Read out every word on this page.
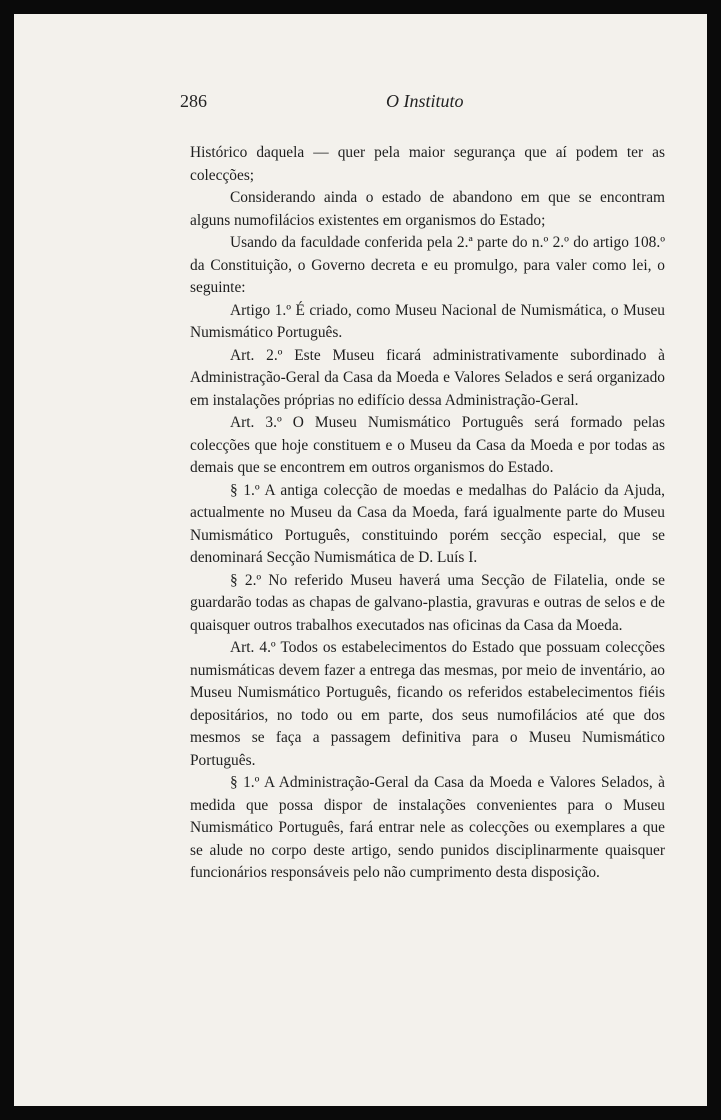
286	O Instituto

Histórico daquela — quer pela maior segurança que aí podem ter as colecções;

Considerando ainda o estado de abandono em que se encontram alguns numofilácios existentes em organismos do Estado;

Usando da faculdade conferida pela 2.ª parte do n.º 2.º do artigo 108.º da Constituição, o Governo decreta e eu promulgo, para valer como lei, o seguinte:

Artigo 1.º É criado, como Museu Nacional de Numismática, o Museu Numismático Português.

Art. 2.º Este Museu ficará administrativamente subordinado à Administração-Geral da Casa da Moeda e Valores Selados e será organizado em instalações próprias no edifício dessa Administração-Geral.

Art. 3.º O Museu Numismático Português será formado pelas colecções que hoje constituem e o Museu da Casa da Moeda e por todas as demais que se encontrem em outros organismos do Estado.

§ 1.º A antiga colecção de moedas e medalhas do Palácio da Ajuda, actualmente no Museu da Casa da Moeda, fará igualmente parte do Museu Numismático Português, constituindo porém secção especial, que se denominará Secção Numismática de D. Luís I.

§ 2.º No referido Museu haverá uma Secção de Filatelia, onde se guardarão todas as chapas de galvano-plastia, gravuras e outras de selos e de quaisquer outros trabalhos executados nas oficinas da Casa da Moeda.

Art. 4.º Todos os estabelecimentos do Estado que possuam colecções numismáticas devem fazer a entrega das mesmas, por meio de inventário, ao Museu Numismático Português, ficando os referidos estabelecimentos fiéis depositários, no todo ou em parte, dos seus numofilácios até que dos mesmos se faça a passagem definitiva para o Museu Numismático Português.

§ 1.º A Administração-Geral da Casa da Moeda e Valores Selados, à medida que possa dispor de instalações convenientes para o Museu Numismático Português, fará entrar nele as colecções ou exemplares a que se alude no corpo deste artigo, sendo punidos disciplinarmente quaisquer funcionários responsáveis pelo não cumprimento desta disposição.
